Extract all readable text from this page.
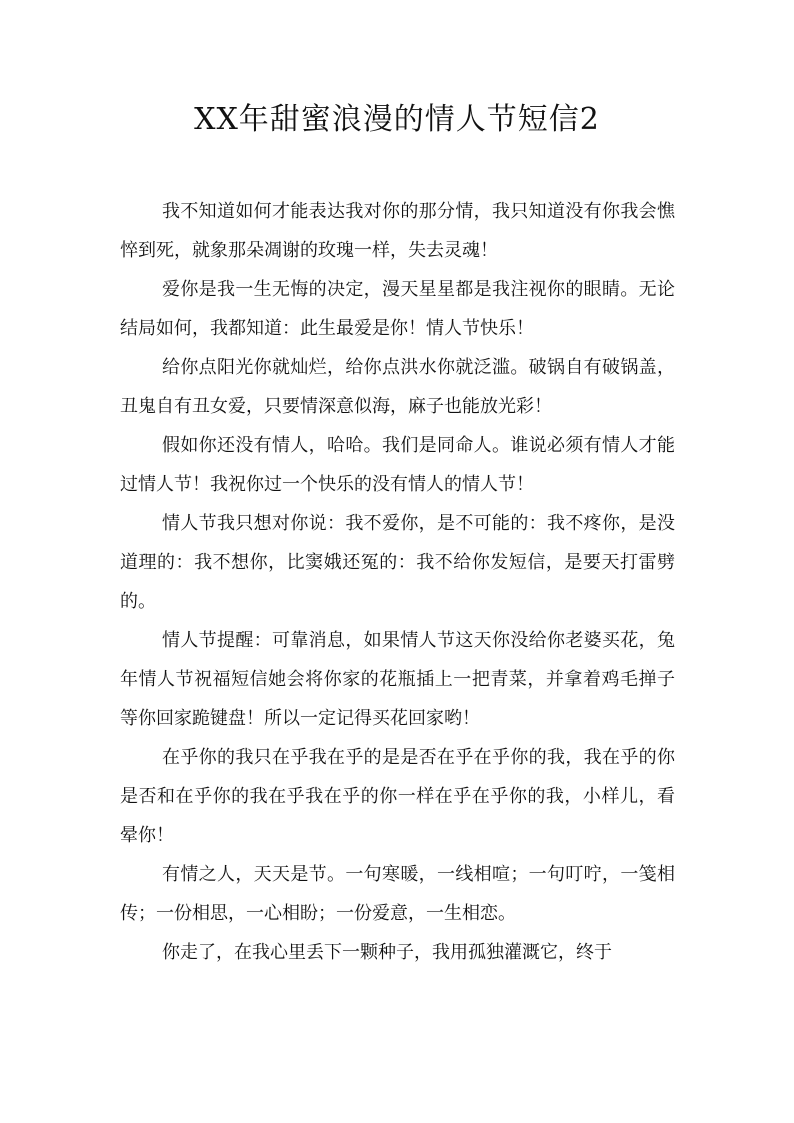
XX年甜蜜浪漫的情人节短信2

我不知道如何才能表达我对你的那分情，我只知道没有你我会憔悴到死，就象那朵凋谢的玫瑰一样，失去灵魂！

爱你是我一生无悔的决定，漫天星星都是我注视你的眼睛。无论结局如何，我都知道：此生最爱是你！情人节快乐！

给你点阳光你就灿烂，给你点洪水你就泛滥。破锅自有破锅盖，丑鬼自有丑女爱，只要情深意似海，麻子也能放光彩！

假如你还没有情人，哈哈。我们是同命人。谁说必须有情人才能过情人节！我祝你过一个快乐的没有情人的情人节！

情人节我只想对你说：我不爱你，是不可能的：我不疼你，是没道理的：我不想你，比窦娥还冤的：我不给你发短信，是要天打雷劈的。

情人节提醒：可靠消息，如果情人节这天你没给你老婆买花，兔年情人节祝福短信她会将你家的花瓶插上一把青菜，并拿着鸡毛掸子等你回家跪键盘！所以一定记得买花回家哟！

在乎你的我只在乎我在乎的是是否在乎在乎你的我，我在乎的你是否和在乎你的我在乎我在乎的你一样在乎在乎你的我，小样儿，看晕你！

有情之人，天天是节。一句寒暖，一线相喧；一句叮咛，一笺相传；一份相思，一心相盼；一份爱意，一生相恋。

你走了，在我心里丢下一颗种子，我用孤独灌溉它，终于
